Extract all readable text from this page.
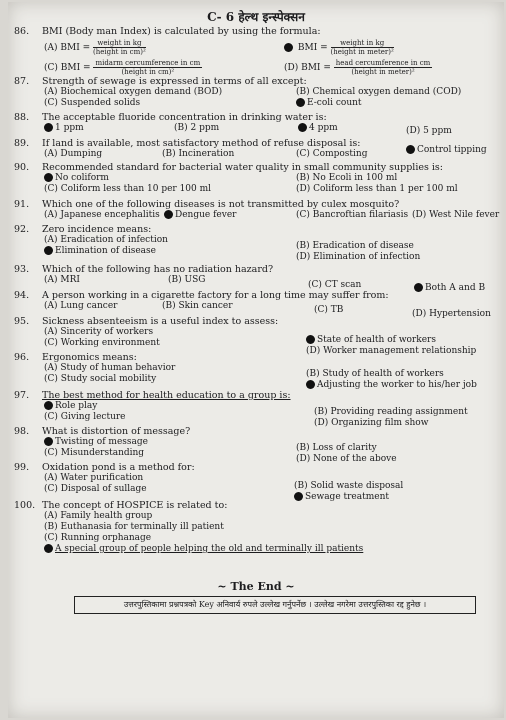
C- 6 हेल्थ इन्स्पेक्सन
86. BMI (Body man Index) is calculated by using the formula:
(A) BMI = $\frac{\text{weight in kg}}{\text{(height in cm)²}}$	BMI = $\frac{\text{weight in kg}}{\text{(height in meter)²}}$
(C) BMI = $\frac{\text{midarm cercumference in cm}}{\text{(height in cm)²}}$	(D) BMI = $\frac{\text{head cercumference in cm}}{\text{(height in meter)²}}$
87. Strength of sewage is expressed in terms of all except:
(A) Biochemical oxygen demand (BOD)	(B) Chemical oxygen demand (COD)
(C) Suspended solids	E-coli count
88. The acceptable fluoride concentration in drinking water is:
1 ppm	(B) 2 ppm	4 ppm	(D) 5 ppm
89. If land is available, most satisfactory method of refuse disposal is:
(A) Dumping	(B) Incineration	(C) Composting	Control tipping
90. Recommended standard for bacterial water quality in small community supplies is:
No coliform	(B) No Ecoli in 100 ml
(C) Coliform less than 10 per 100 ml	(D) Coliform less than 1 per 100 ml
91. Which one of the following diseases is not transmitted by culex mosquito?
(A) Japanese encephalitis	Dengue fever	(C) Bancroftian filariasis (D) West Nile fever
92. Zero incidence means:
(A) Eradication of infection
(B) Eradication of disease
Elimination of disease
(D) Elimination of infection
93. Which of the following has no radiation hazard?
(A) MRI	(B) USG	(C) CT scan	Both A and B
94. A person working in a cigarette factory for a long time may suffer from:
(A) Lung cancer	(B) Skin cancer	(C) TB	(D) Hypertension
95. Sickness absenteeism is a useful index to assess:
(A) Sincerity of workers
State of health of workers
(C) Working environment
(D) Worker management relationship
96. Ergonomics means:
(A) Study of human behavior
(B) Study of health of workers
(C) Study social mobility
Adjusting the worker to his/her job
97. The best method for health education to a group is:
Role play
(B) Providing reading assignment
(C) Giving lecture
(D) Organizing film show
98. What is distortion of message?
Twisting of message
(B) Loss of clarity
(C) Misunderstanding
(D) None of the above
99. Oxidation pond is a method for:
(A) Water purification
(B) Solid waste disposal
(C) Disposal of sullage
Sewage treatment
100. The concept of HOSPICE is related to:
(A) Family health group
(B) Euthanasia for terminally ill patient
(C) Running orphanage
A special group of people helping the old and terminally ill patients
~ The End ~
उत्तरपुस्तिकामा प्रश्नपत्रको Key अनिवार्य रुपले उल्लेख गर्नुपर्नेछ । उल्लेख नगरेमा उत्तरपुस्तिका रद्द हुनेछ ।
